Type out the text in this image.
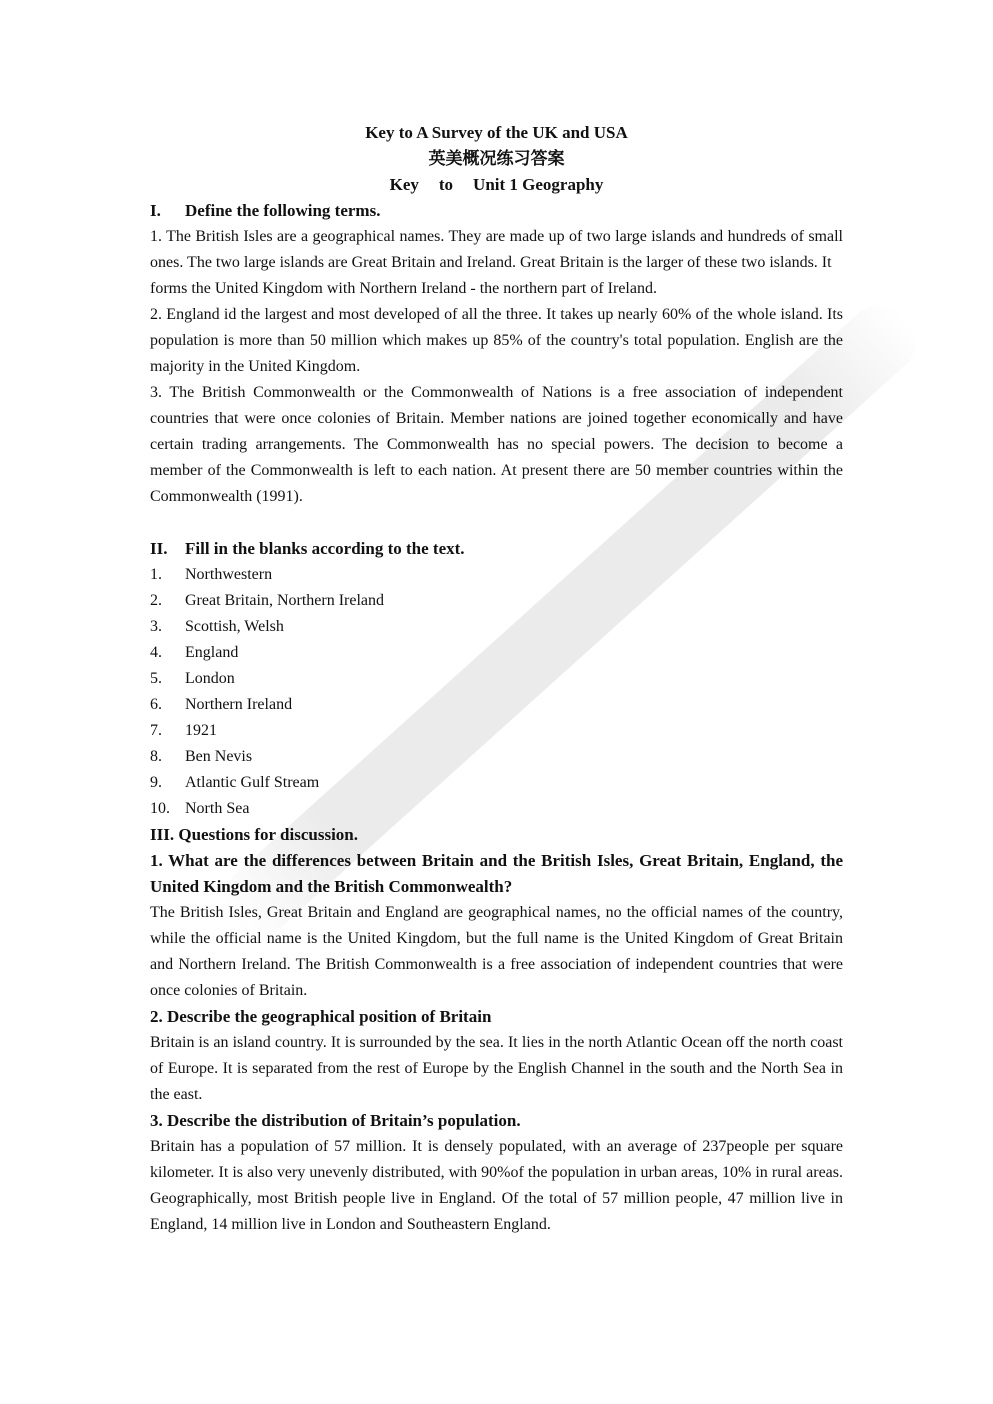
Key to A Survey of the UK and USA
英美概况练习答案
Key to Unit 1 Geography
I. Define the following terms.
1. The British Isles are a geographical names. They are made up of two large islands and hundreds of small ones. The two large islands are Great Britain and Ireland. Great Britain is the larger of these two islands. It
forms the United Kingdom with Northern Ireland - the northern part of Ireland.
2. England id the largest and most developed of all the three. It takes up nearly 60% of the whole island. Its population is more than 50 million which makes up 85% of the country's total population. English are the majority in the United Kingdom.
3. The British Commonwealth or the Commonwealth of Nations is a free association of independent countries that were once colonies of Britain. Member nations are joined together economically and have certain trading arrangements. The Commonwealth has no special powers. The decision to become a member of the Commonwealth is left to each nation. At present there are 50 member countries within the Commonwealth (1991).
II. Fill in the blanks according to the text.
1. Northwestern
2. Great Britain, Northern Ireland
3. Scottish, Welsh
4. England
5. London
6. Northern Ireland
7. 1921
8. Ben Nevis
9. Atlantic Gulf Stream
10. North Sea
III. Questions for discussion.
1. What are the differences between Britain and the British Isles, Great Britain, England, the United Kingdom and the British Commonwealth?
The British Isles, Great Britain and England are geographical names, no the official names of the country, while the official name is the United Kingdom, but the full name is the United Kingdom of Great Britain and Northern Ireland. The British Commonwealth is a free association of independent countries that were once colonies of Britain.
2. Describe the geographical position of Britain
Britain is an island country. It is surrounded by the sea. It lies in the north Atlantic Ocean off the north coast of Europe. It is separated from the rest of Europe by the English Channel in the south and the North Sea in the east.
3. Describe the distribution of Britain’s population.
Britain has a population of 57 million. It is densely populated, with an average of 237people per square kilometer. It is also very unevenly distributed, with 90%of the population in urban areas, 10% in rural areas. Geographically, most British people live in England. Of the total of 57 million people, 47 million live in England, 14 million live in London and Southeastern England.
